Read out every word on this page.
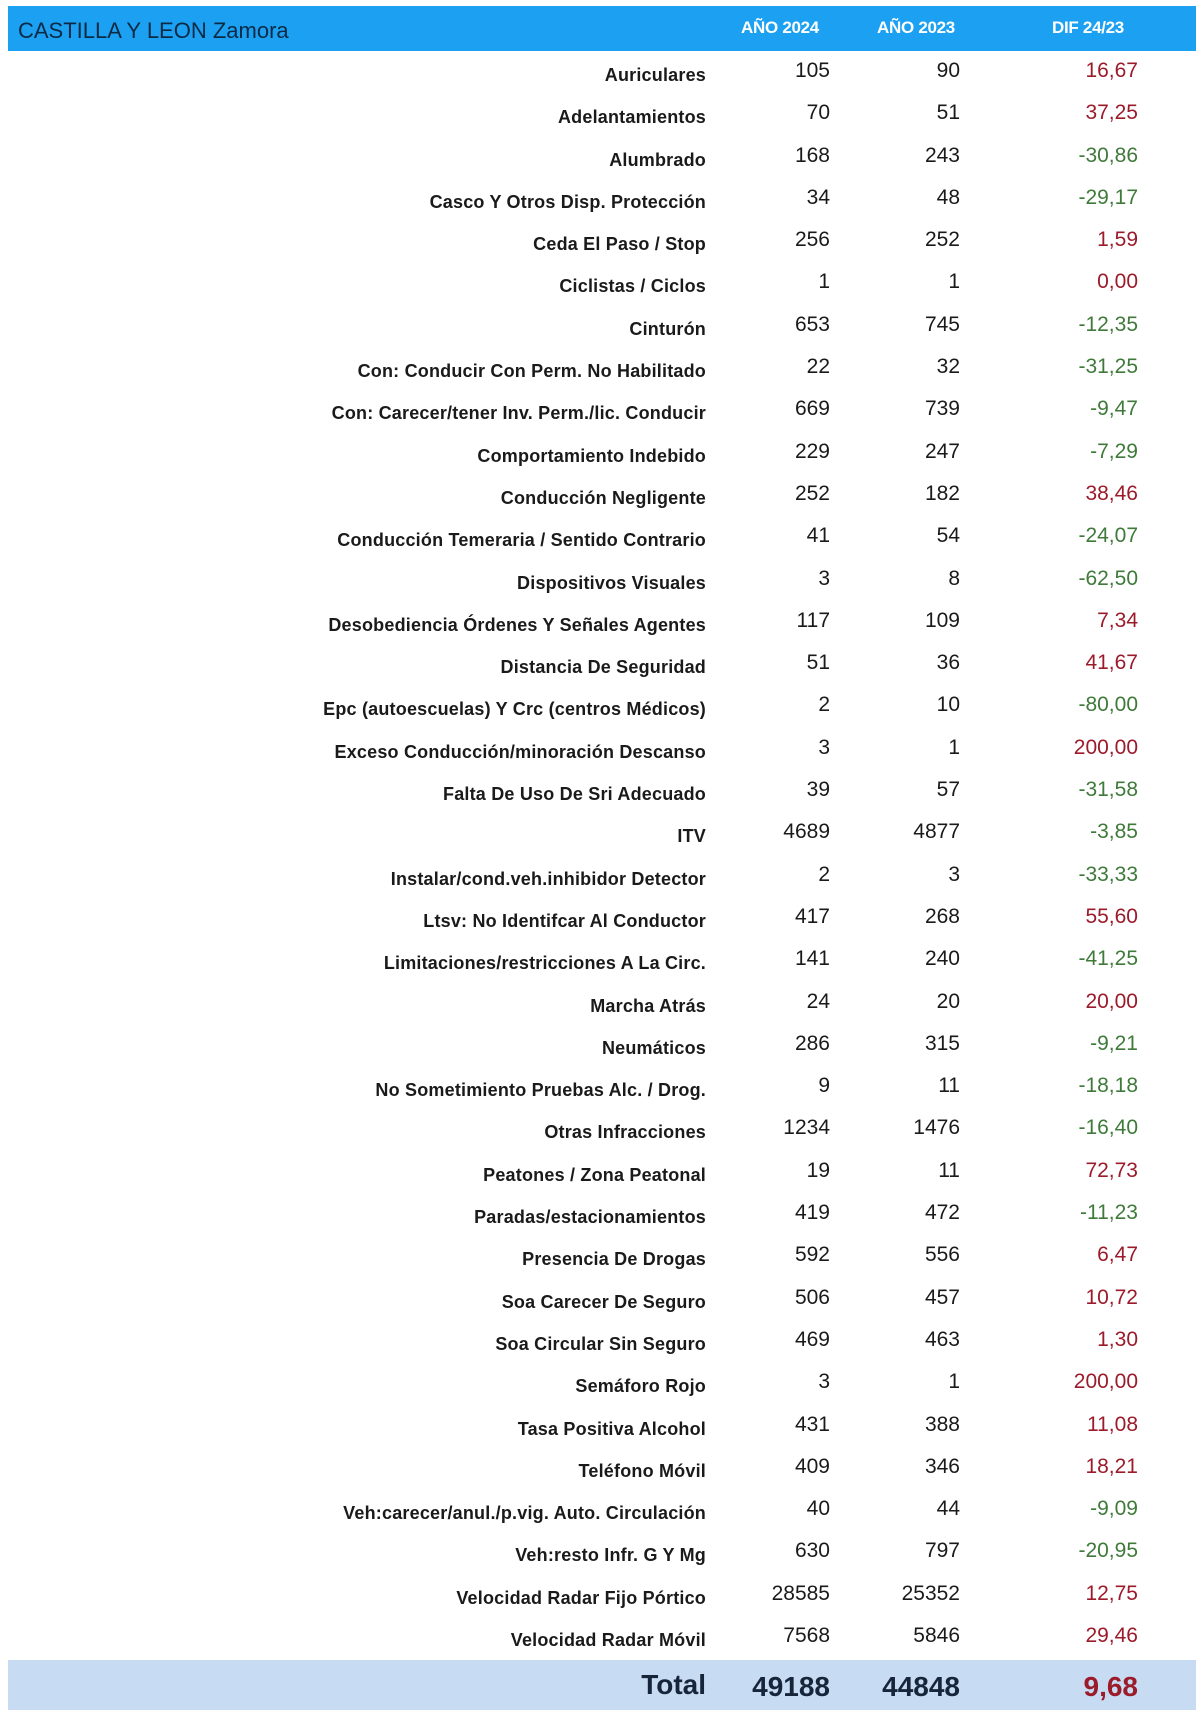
CASTILLA Y LEON Zamora	AÑO 2024	AÑO 2023	DIF 24/23
Auriculares	105	90	16,67
Adelantamientos	70	51	37,25
Alumbrado	168	243	-30,86
Casco Y Otros Disp. Protección	34	48	-29,17
Ceda El Paso / Stop	256	252	1,59
Ciclistas / Ciclos	1	1	0,00
Cinturón	653	745	-12,35
Con: Conducir Con Perm. No Habilitado	22	32	-31,25
Con: Carecer/tener Inv. Perm./lic. Conducir	669	739	-9,47
Comportamiento Indebido	229	247	-7,29
Conducción Negligente	252	182	38,46
Conducción Temeraria / Sentido Contrario	41	54	-24,07
Dispositivos Visuales	3	8	-62,50
Desobediencia Órdenes Y Señales Agentes	117	109	7,34
Distancia De Seguridad	51	36	41,67
Epc (autoescuelas) Y Crc (centros Médicos)	2	10	-80,00
Exceso Conducción/minoración Descanso	3	1	200,00
Falta De Uso De Sri Adecuado	39	57	-31,58
ITV	4689	4877	-3,85
Instalar/cond.veh.inhibidor Detector	2	3	-33,33
Ltsv: No Identifcar Al Conductor	417	268	55,60
Limitaciones/restricciones A La Circ.	141	240	-41,25
Marcha Atrás	24	20	20,00
Neumáticos	286	315	-9,21
No Sometimiento Pruebas Alc. / Drog.	9	11	-18,18
Otras Infracciones	1234	1476	-16,40
Peatones / Zona Peatonal	19	11	72,73
Paradas/estacionamientos	419	472	-11,23
Presencia De Drogas	592	556	6,47
Soa Carecer De Seguro	506	457	10,72
Soa Circular Sin Seguro	469	463	1,30
Semáforo Rojo	3	1	200,00
Tasa Positiva Alcohol	431	388	11,08
Teléfono Móvil	409	346	18,21
Veh:carecer/anul./p.vig. Auto. Circulación	40	44	-9,09
Veh:resto Infr. G Y Mg	630	797	-20,95
Velocidad Radar Fijo Pórtico	28585	25352	12,75
Velocidad Radar Móvil	7568	5846	29,46
Total	49188	44848	9,68
